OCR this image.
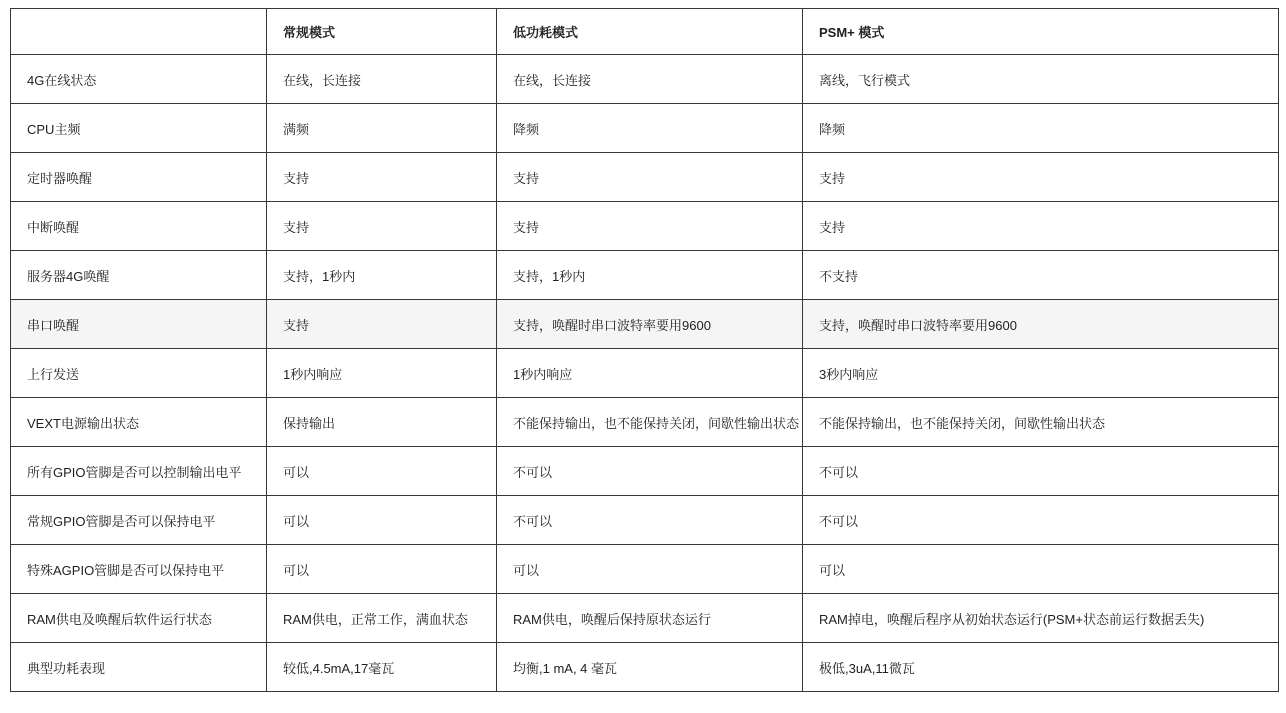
	常规模式	低功耗模式	PSM+ 模式
4G在线状态	在线，长连接	在线，长连接	离线，飞行模式
CPU主频	满频	降频	降频
定时器唤醒	支持	支持	支持
中断唤醒	支持	支持	支持
服务器4G唤醒	支持，1秒内	支持，1秒内	不支持
串口唤醒	支持	支持，唤醒时串口波特率要用9600	支持，唤醒时串口波特率要用9600
上行发送	1秒内响应	1秒内响应	3秒内响应
VEXT电源输出状态	保持输出	不能保持输出，也不能保持关闭，间歇性输出状态	不能保持输出，也不能保持关闭，间歇性输出状态
所有GPIO管脚是否可以控制输出电平	可以	不可以	不可以
常规GPIO管脚是否可以保持电平	可以	不可以	不可以
特殊AGPIO管脚是否可以保持电平	可以	可以	可以
RAM供电及唤醒后软件运行状态	RAM供电，正常工作，满血状态	RAM供电，唤醒后保持原状态运行	RAM掉电，唤醒后程序从初始状态运行(PSM+状态前运行数据丢失)
典型功耗表现	较低,4.5mA,17毫瓦	均衡,1 mA, 4 毫瓦	极低,3uA,11微瓦
